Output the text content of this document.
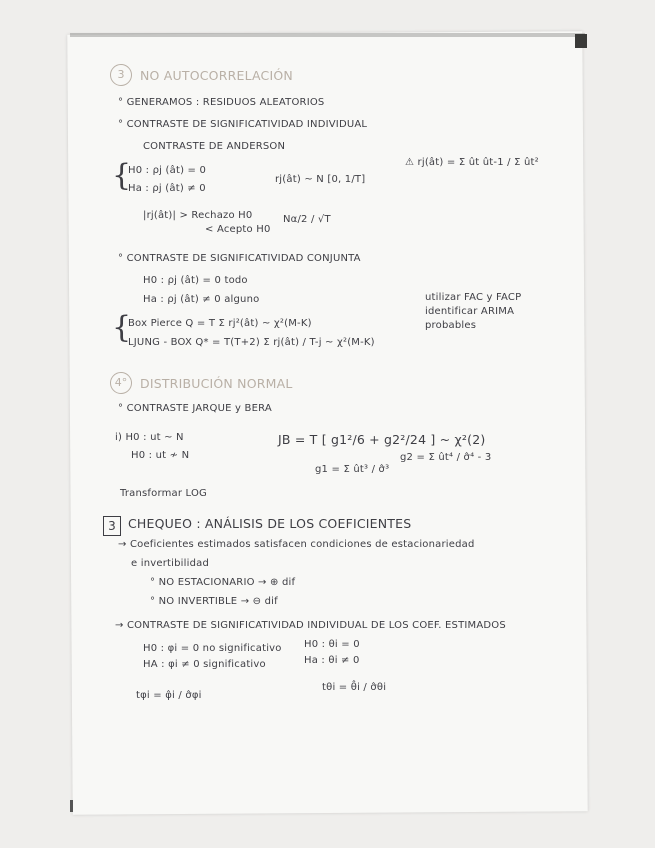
3	NO AUTOCORRELACIÓN
° GENERAMOS : RESIDUOS ALEATORIOS
° CONTRASTE DE SIGNIFICATIVIDAD INDIVIDUAL
CONTRASTE DE ANDERSON
{
H0 : ρj (ât) = 0
Ha : ρj (ât) ≠ 0
rj(ât) ~ N [0, 1/T]
⚠ rj(ât) = Σ ût ût-1 / Σ ût²
|rj(ât)| > Rechazo H0
< Acepto H0
Nα/2 / √T
° CONTRASTE DE SIGNIFICATIVIDAD CONJUNTA
H0 : ρj (ât) = 0 todo
Ha : ρj (ât) ≠ 0 alguno
{
Box Pierce Q = T Σ rj²(ât) ~ χ²(M-K)
LJUNG - BOX Q* = T(T+2) Σ rj(ât) / T-j ~ χ²(M-K)
utilizar FAC y FACP
identificar ARIMA
probables
4°	DISTRIBUCIÓN NORMAL
° CONTRASTE JARQUE y BERA
i) H0 : ut ~ N
H0 : ut ≁ N
JB = T [ g1²/6 + g2²/24 ] ~ χ²(2)
g1 = Σ ût³ / σ̂³
g2 = Σ ût⁴ / σ̂⁴ - 3
Transformar LOG
3 CHEQUEO : ANÁLISIS DE LOS COEFICIENTES
→ Coeficientes estimados satisfacen condiciones de estacionariedad
e invertibilidad
° NO ESTACIONARIO → ⊕ dif
° NO INVERTIBLE → ⊖ dif
→ CONTRASTE DE SIGNIFICATIVIDAD INDIVIDUAL DE LOS COEF. ESTIMADOS
H0 : φi = 0 no significativo
HA : φi ≠ 0 significativo
H0 : θi = 0
Ha : θi ≠ 0
tφi = φ̂i / σ̂φi
tθi = θ̂i / σ̂θi
